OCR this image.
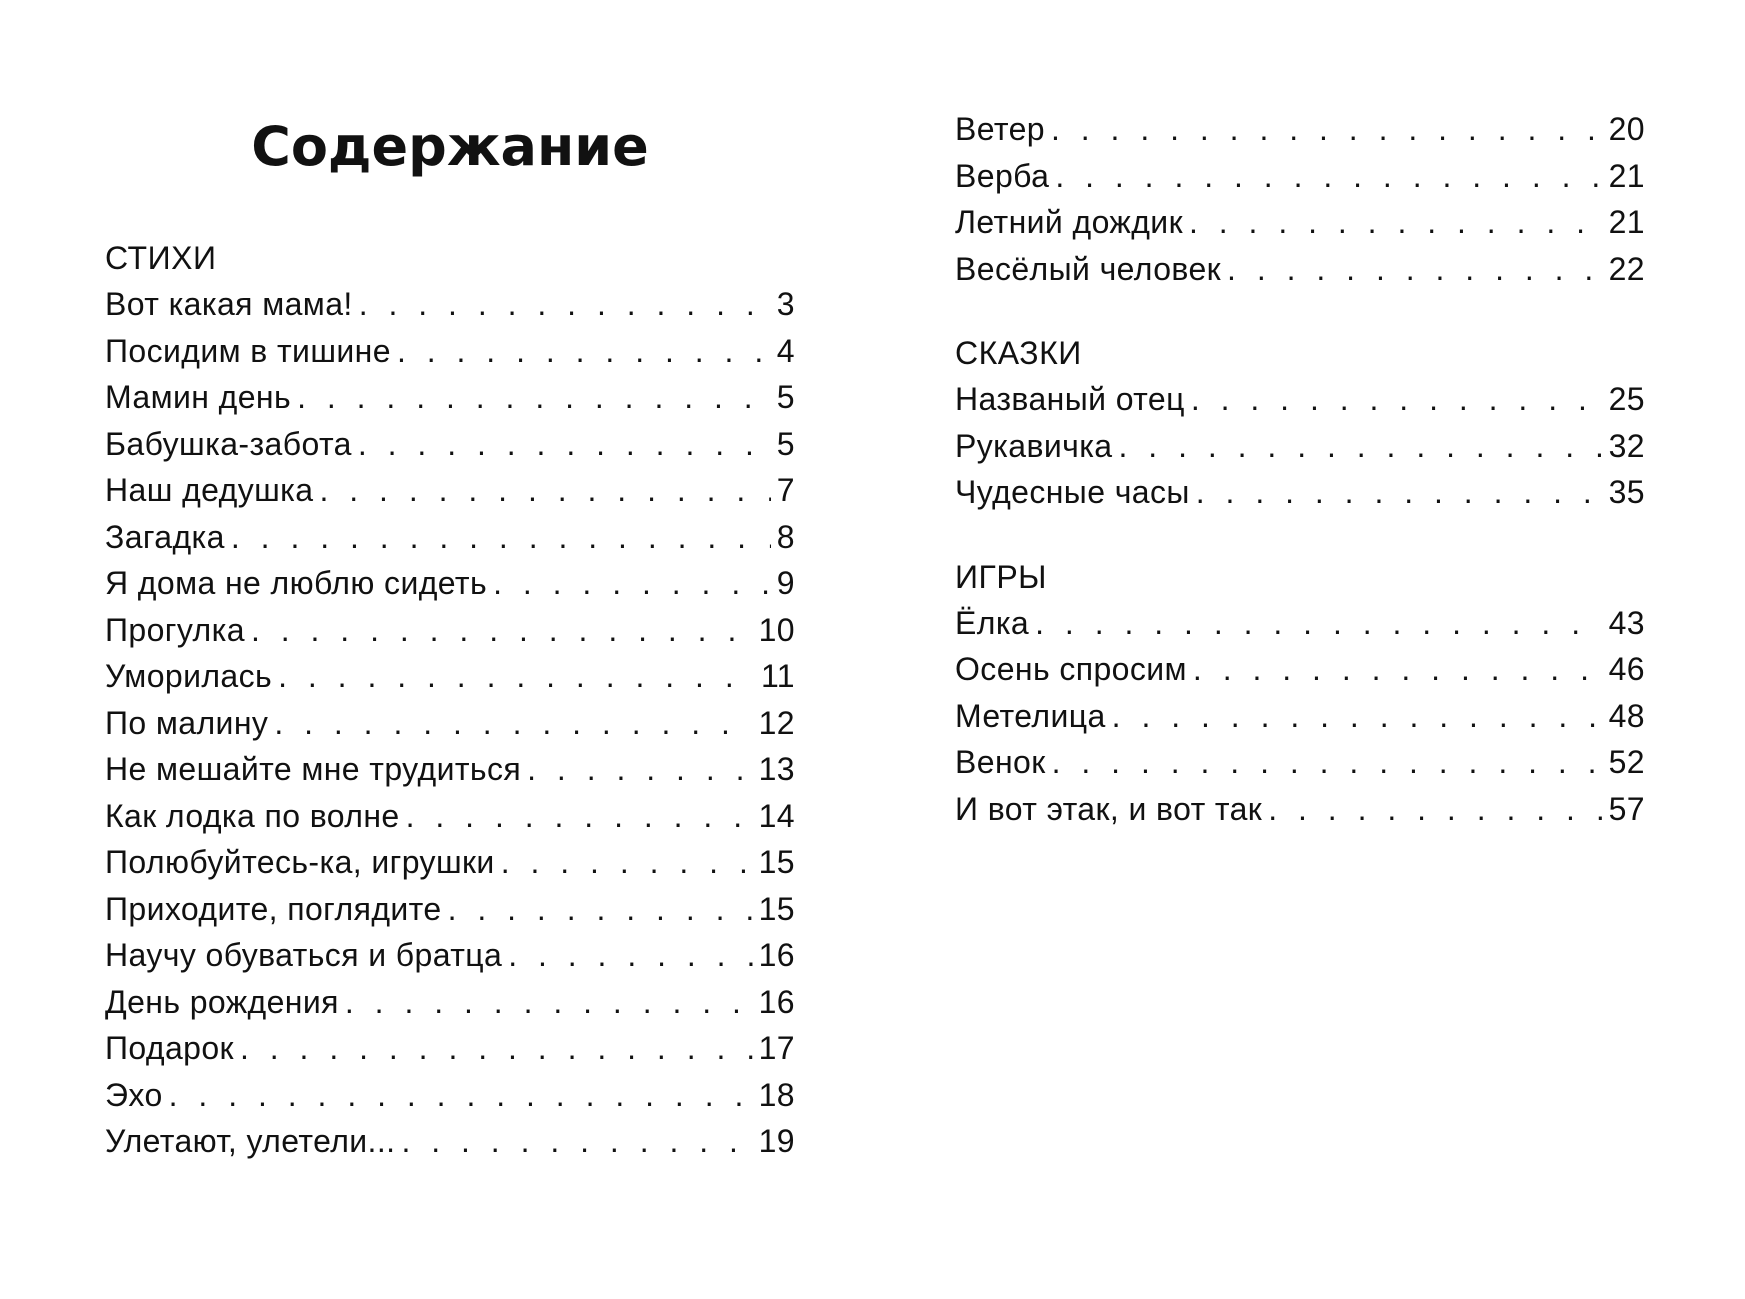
Содержание
СТИХИ
Вот какая мама! . . .	3
Посидим в тишине . . .	4
Мамин день . . .	5
Бабушка-забота . . .	5
Наш дедушка . . .	7
Загадка . . .	8
Я дома не люблю сидеть . . .	9
Прогулка . . .	10
Уморилась . . .	11
По малину . . .	12
Не мешайте мне трудиться . . .	13
Как лодка по волне . . .	14
Полюбуйтесь-ка, игрушки . . .	15
Приходите, поглядите . . .	15
Научу обуваться и братца . . .	16
День рождения . . .	16
Подарок . . .	17
Эхо . . .	18
Улетают, улетели... . . .	19
Ветер . . .	20
Верба . . .	21
Летний дождик . . .	21
Весёлый человек . . .	22
СКАЗКИ
Названый отец . . .	25
Рукавичка . . .	32
Чудесные часы . . .	35
ИГРЫ
Ёлка . . .	43
Осень спросим . . .	46
Метелица . . .	48
Венок . . .	52
И вот этак, и вот так . . .	57
